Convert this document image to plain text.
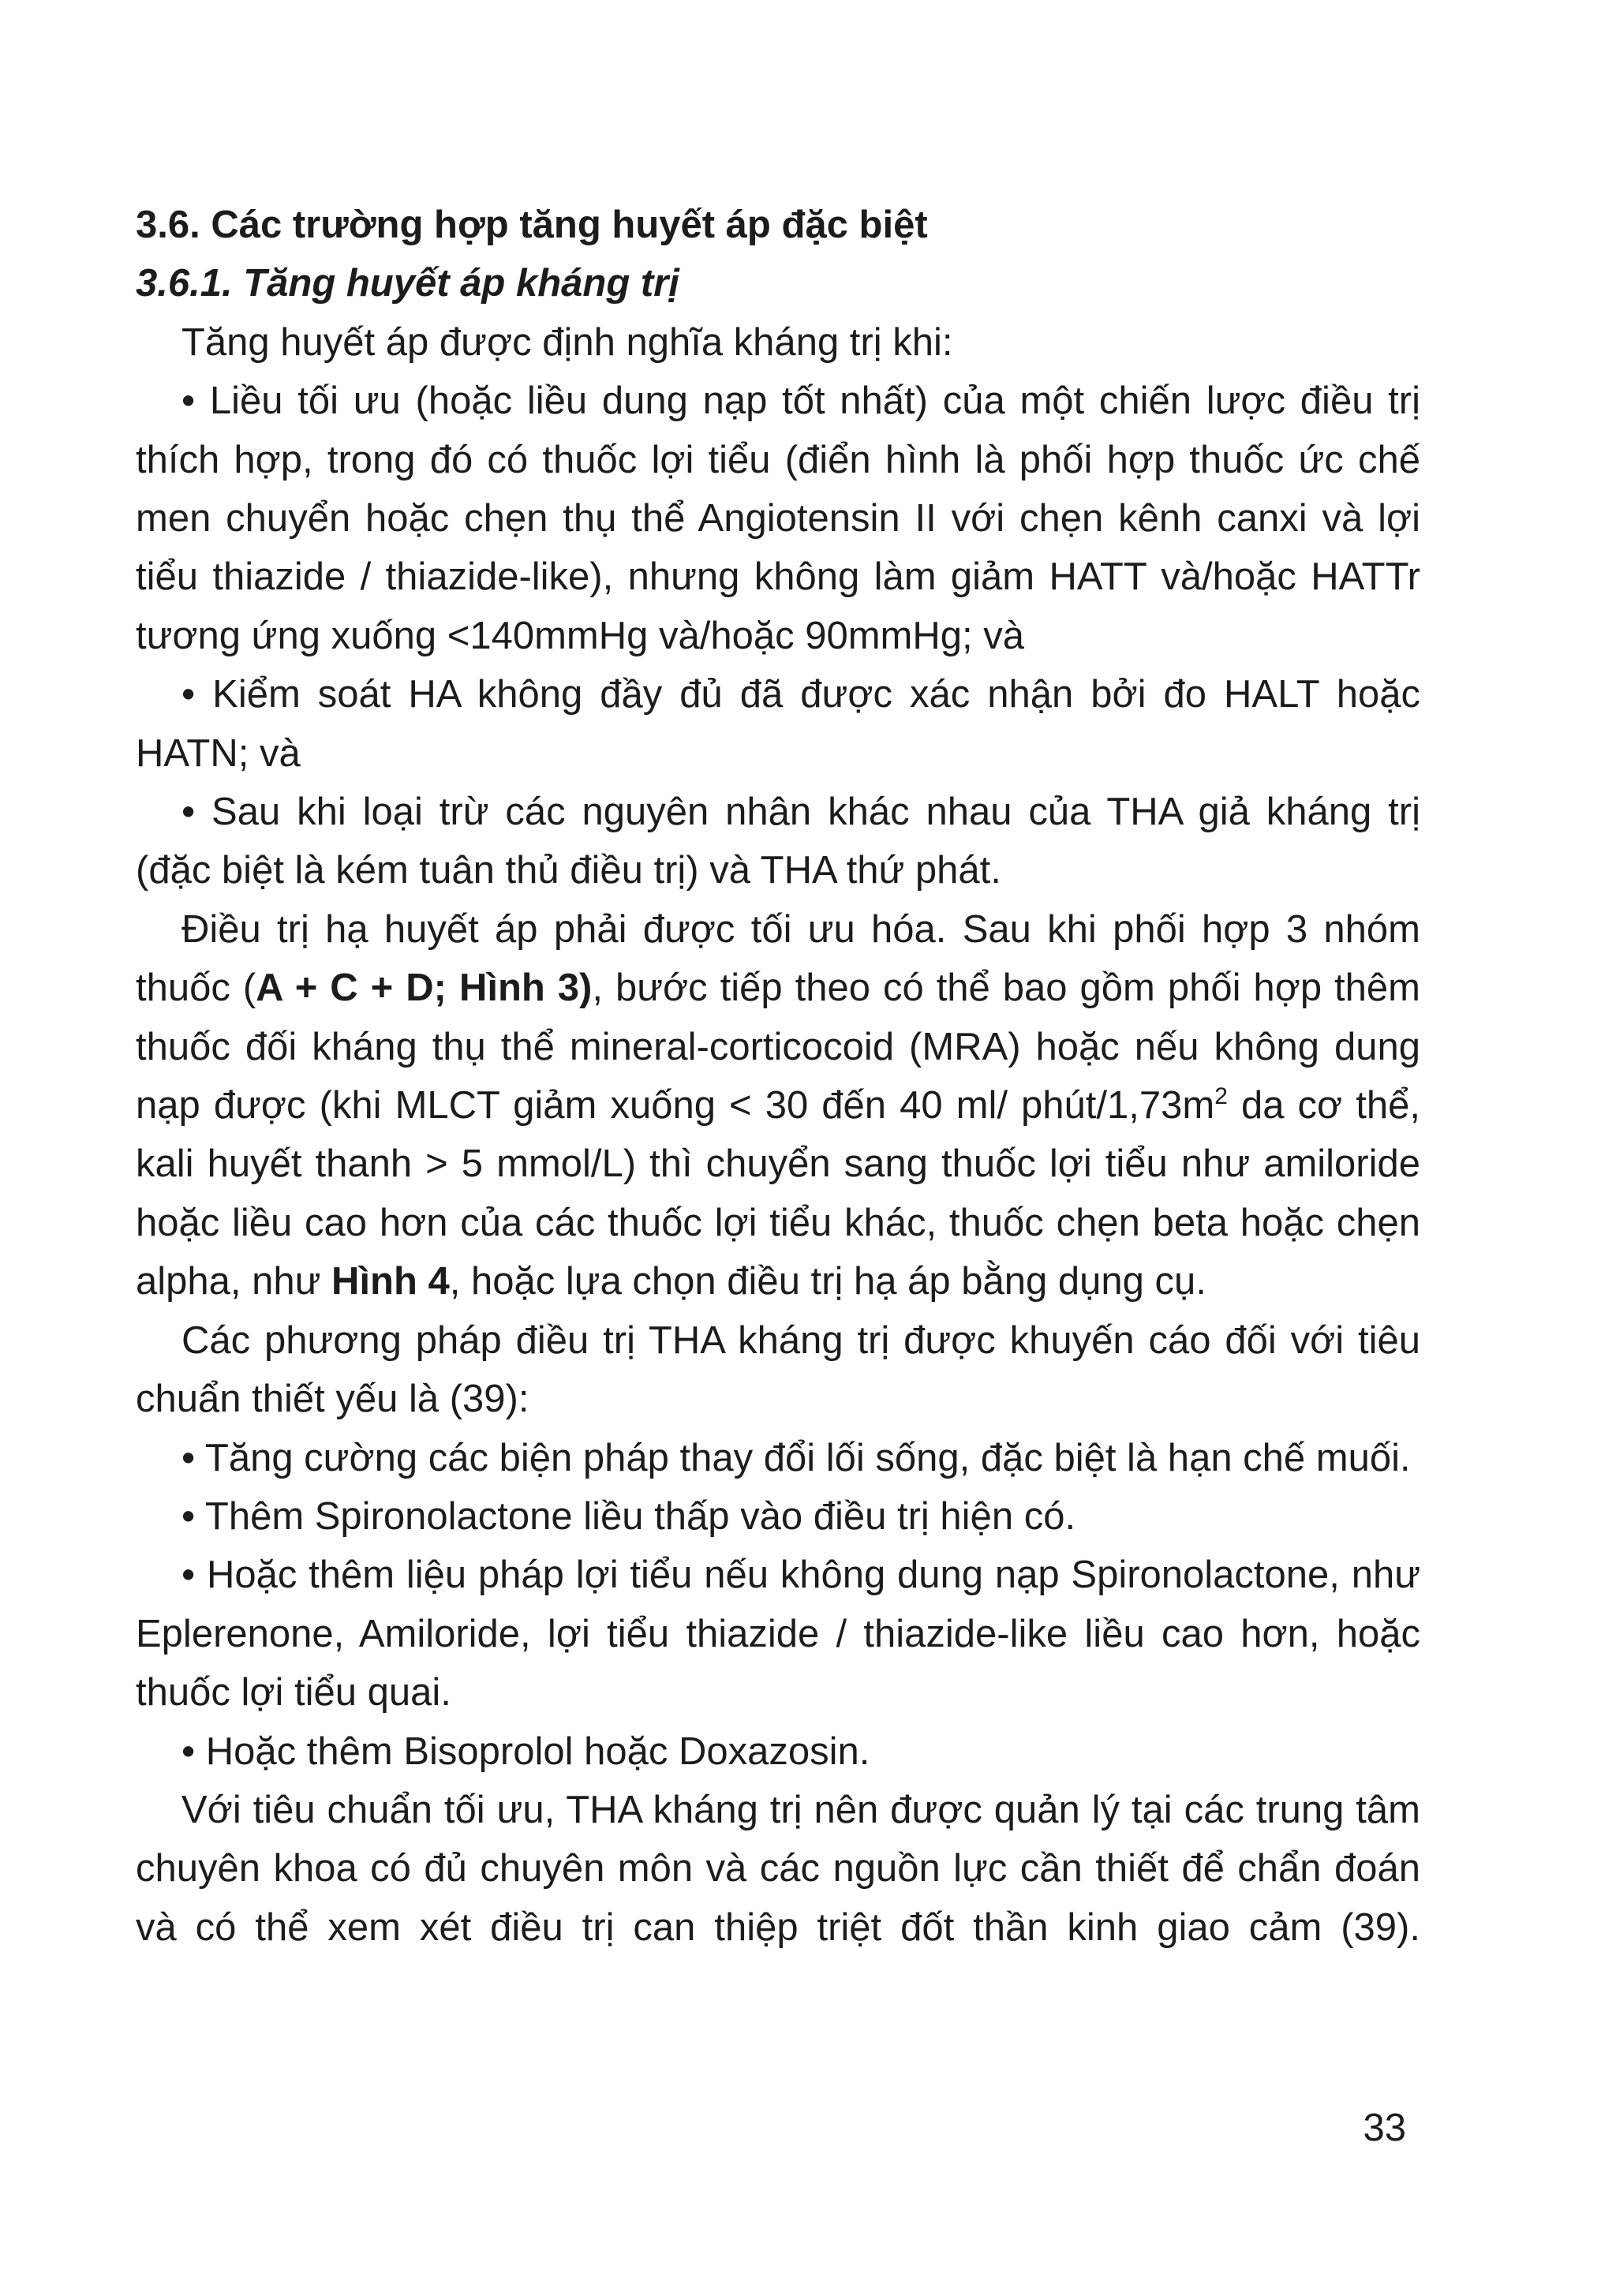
3.6. Các trường hợp tăng huyết áp đặc biệt
3.6.1. Tăng huyết áp kháng trị

Tăng huyết áp được định nghĩa kháng trị khi:

• Liều tối ưu (hoặc liều dung nạp tốt nhất) của một chiến lược điều trị thích hợp, trong đó có thuốc lợi tiểu (điển hình là phối hợp thuốc ức chế men chuyển hoặc chẹn thụ thể Angiotensin II với chẹn kênh canxi và lợi tiểu thiazide / thiazide-like), nhưng không làm giảm HATT và/hoặc HATTr tương ứng xuống <140mmHg và/hoặc 90mmHg; và

• Kiểm soát HA không đầy đủ đã được xác nhận bởi đo HALT hoặc HATN; và

• Sau khi loại trừ các nguyên nhân khác nhau của THA giả kháng trị (đặc biệt là kém tuân thủ điều trị) và THA thứ phát.

Điều trị hạ huyết áp phải được tối ưu hóa. Sau khi phối hợp 3 nhóm thuốc (A + C + D; Hình 3), bước tiếp theo có thể bao gồm phối hợp thêm thuốc đối kháng thụ thể mineral-corticocoid (MRA) hoặc nếu không dung nạp được (khi MLCT giảm xuống < 30 đến 40 ml/ phút/$1,73m^2$ da cơ thể, kali huyết thanh > 5 mmol/L) thì chuyển sang thuốc lợi tiểu như amiloride hoặc liều cao hơn của các thuốc lợi tiểu khác, thuốc chẹn beta hoặc chẹn alpha, như Hình 4, hoặc lựa chọn điều trị hạ áp bằng dụng cụ.

Các phương pháp điều trị THA kháng trị được khuyến cáo đối với tiêu chuẩn thiết yếu là (39):

• Tăng cường các biện pháp thay đổi lối sống, đặc biệt là hạn chế muối.

• Thêm Spironolactone liều thấp vào điều trị hiện có.

• Hoặc thêm liệu pháp lợi tiểu nếu không dung nạp Spironolactone, như Eplerenone, Amiloride, lợi tiểu thiazide / thiazide-like liều cao hơn, hoặc thuốc lợi tiểu quai.

• Hoặc thêm Bisoprolol hoặc Doxazosin.

Với tiêu chuẩn tối ưu, THA kháng trị nên được quản lý tại các trung tâm chuyên khoa có đủ chuyên môn và các nguồn lực cần thiết để chẩn đoán và có thể xem xét điều trị can thiệp triệt đốt thần kinh giao cảm (39).

33
